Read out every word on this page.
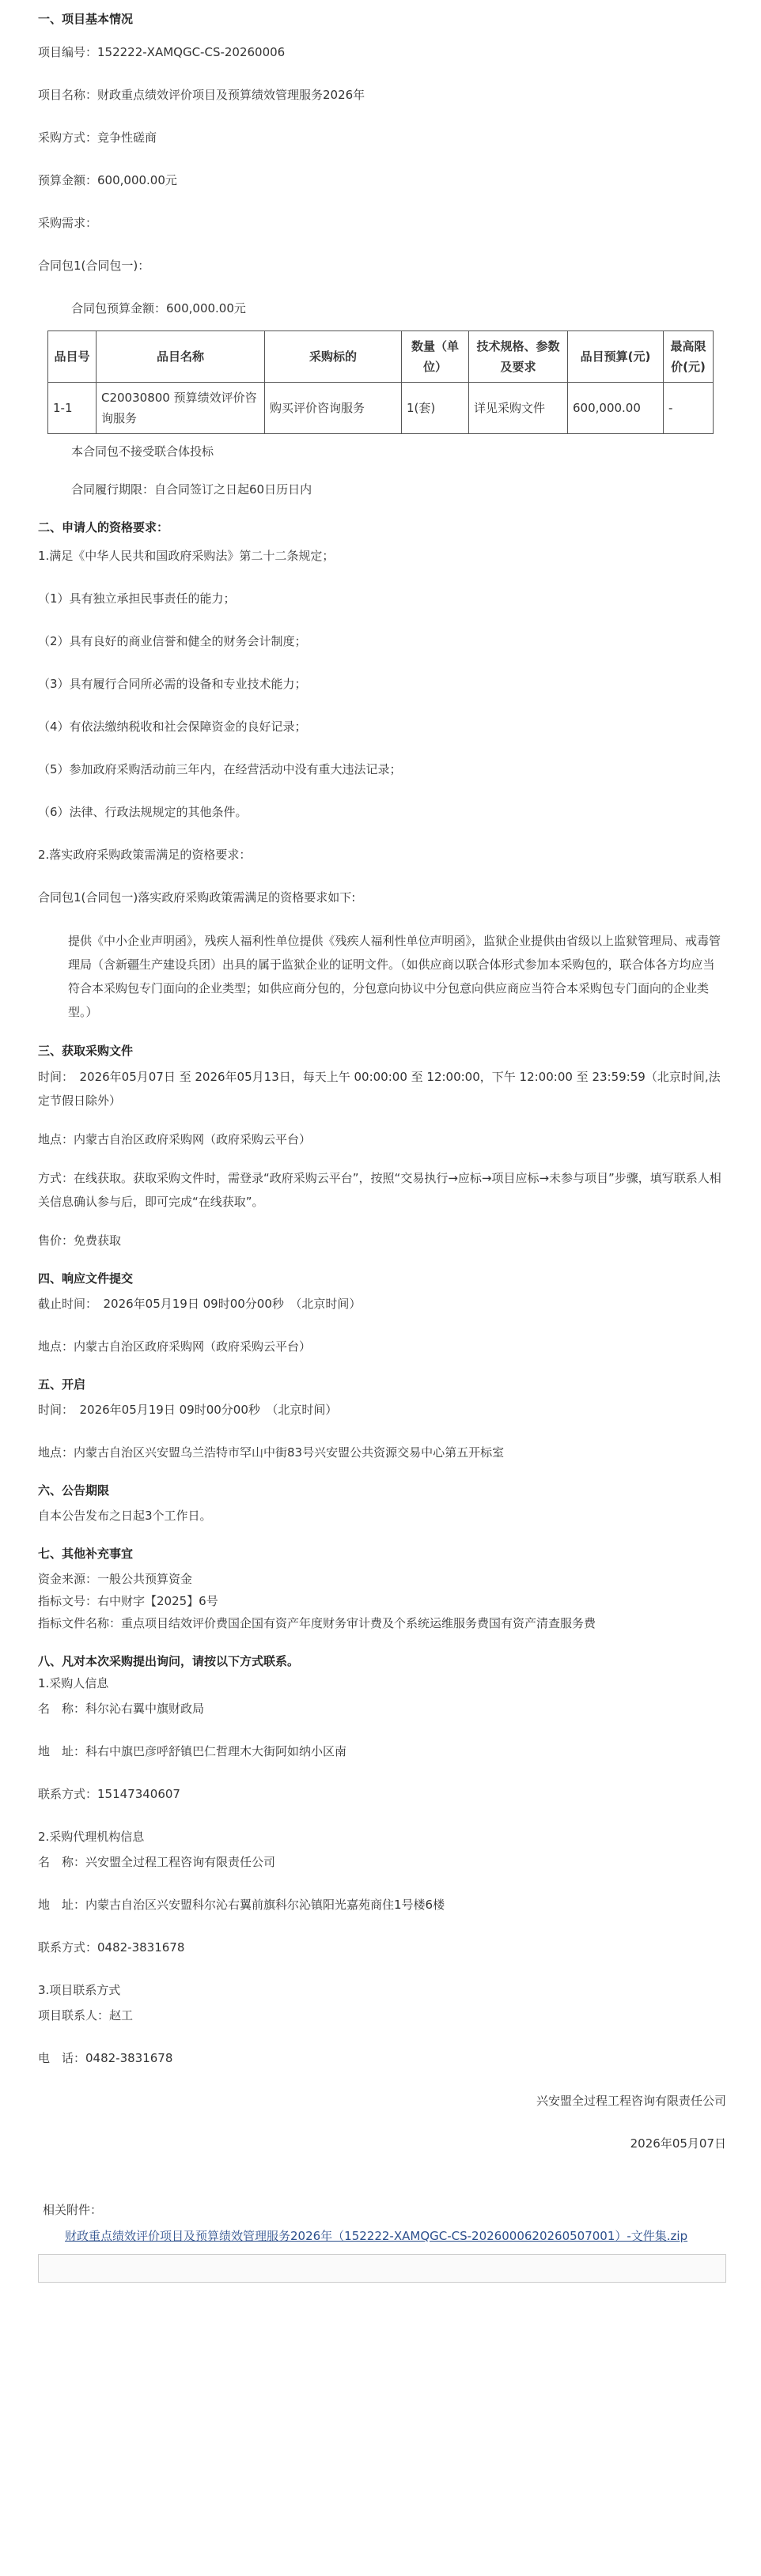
一、项目基本情况

项目编号：152222-XAMQGC-CS-20260006

项目名称：财政重点绩效评价项目及预算绩效管理服务2026年

采购方式：竞争性磋商

预算金额：600,000.00元

采购需求：

合同包1(合同包一)：

合同包预算金额：600,000.00元

品目号	品目名称	采购标的	数量（单位）	技术规格、参数及要求	品目预算(元)	最高限价(元)
1-1	C20030800 预算绩效评价咨询服务	购买评价咨询服务	1(套)	详见采购文件	600,000.00	-

本合同包不接受联合体投标

合同履行期限：自合同签订之日起60日历日内

二、申请人的资格要求：

1.满足《中华人民共和国政府采购法》第二十二条规定；

（1）具有独立承担民事责任的能力；

（2）具有良好的商业信誉和健全的财务会计制度；

（3）具有履行合同所必需的设备和专业技术能力；

（4）有依法缴纳税收和社会保障资金的良好记录；

（5）参加政府采购活动前三年内，在经营活动中没有重大违法记录；

（6）法律、行政法规规定的其他条件。

2.落实政府采购政策需满足的资格要求：

合同包1(合同包一)落实政府采购政策需满足的资格要求如下:

提供《中小企业声明函》，残疾人福利性单位提供《残疾人福利性单位声明函》，监狱企业提供由省级以上监狱管理局、戒毒管理局（含新疆生产建设兵团）出具的属于监狱企业的证明文件。（如供应商以联合体形式参加本采购包的，联合体各方均应当符合本采购包专门面向的企业类型；如供应商分包的，分包意向协议中分包意向供应商应当符合本采购包专门面向的企业类型。）

三、获取采购文件

时间：　2026年05月07日 至 2026年05月13日，每天上午 00:00:00 至 12:00:00，下午 12:00:00 至 23:59:59（北京时间,法定节假日除外）

地点：内蒙古自治区政府采购网（政府采购云平台）

方式：在线获取。获取采购文件时，需登录“政府采购云平台”，按照“交易执行→应标→项目应标→未参与项目”步骤，填写联系人相关信息确认参与后，即可完成“在线获取”。

售价：免费获取

四、响应文件提交

截止时间：　2026年05月19日 09时00分00秒　（北京时间）

地点：内蒙古自治区政府采购网（政府采购云平台）

五、开启

时间：　2026年05月19日 09时00分00秒　（北京时间）

地点：内蒙古自治区兴安盟乌兰浩特市罕山中街83号兴安盟公共资源交易中心第五开标室

六、公告期限

自本公告发布之日起3个工作日。

七、其他补充事宜

资金来源：一般公共预算资金

指标文号：右中财字【2025】6号

指标文件名称：重点项目结效评价费国企国有资产年度财务审计费及个系统运维服务费国有资产清查服务费

八、凡对本次采购提出询问，请按以下方式联系。

1.采购人信息

名　称：科尔沁右翼中旗财政局

地　址：科右中旗巴彦呼舒镇巴仁哲理木大街阿如纳小区南

联系方式：15147340607

2.采购代理机构信息

名　称：兴安盟全过程工程咨询有限责任公司

地　址：内蒙古自治区兴安盟科尔沁右翼前旗科尔沁镇阳光嘉苑商住1号楼6楼

联系方式：0482-3831678

3.项目联系方式

项目联系人：赵工

电　话：0482-3831678

兴安盟全过程工程咨询有限责任公司

2026年05月07日

相关附件：

财政重点绩效评价项目及预算绩效管理服务2026年（152222-XAMQGC-CS-20260006202605070​01）-文件集.zip
